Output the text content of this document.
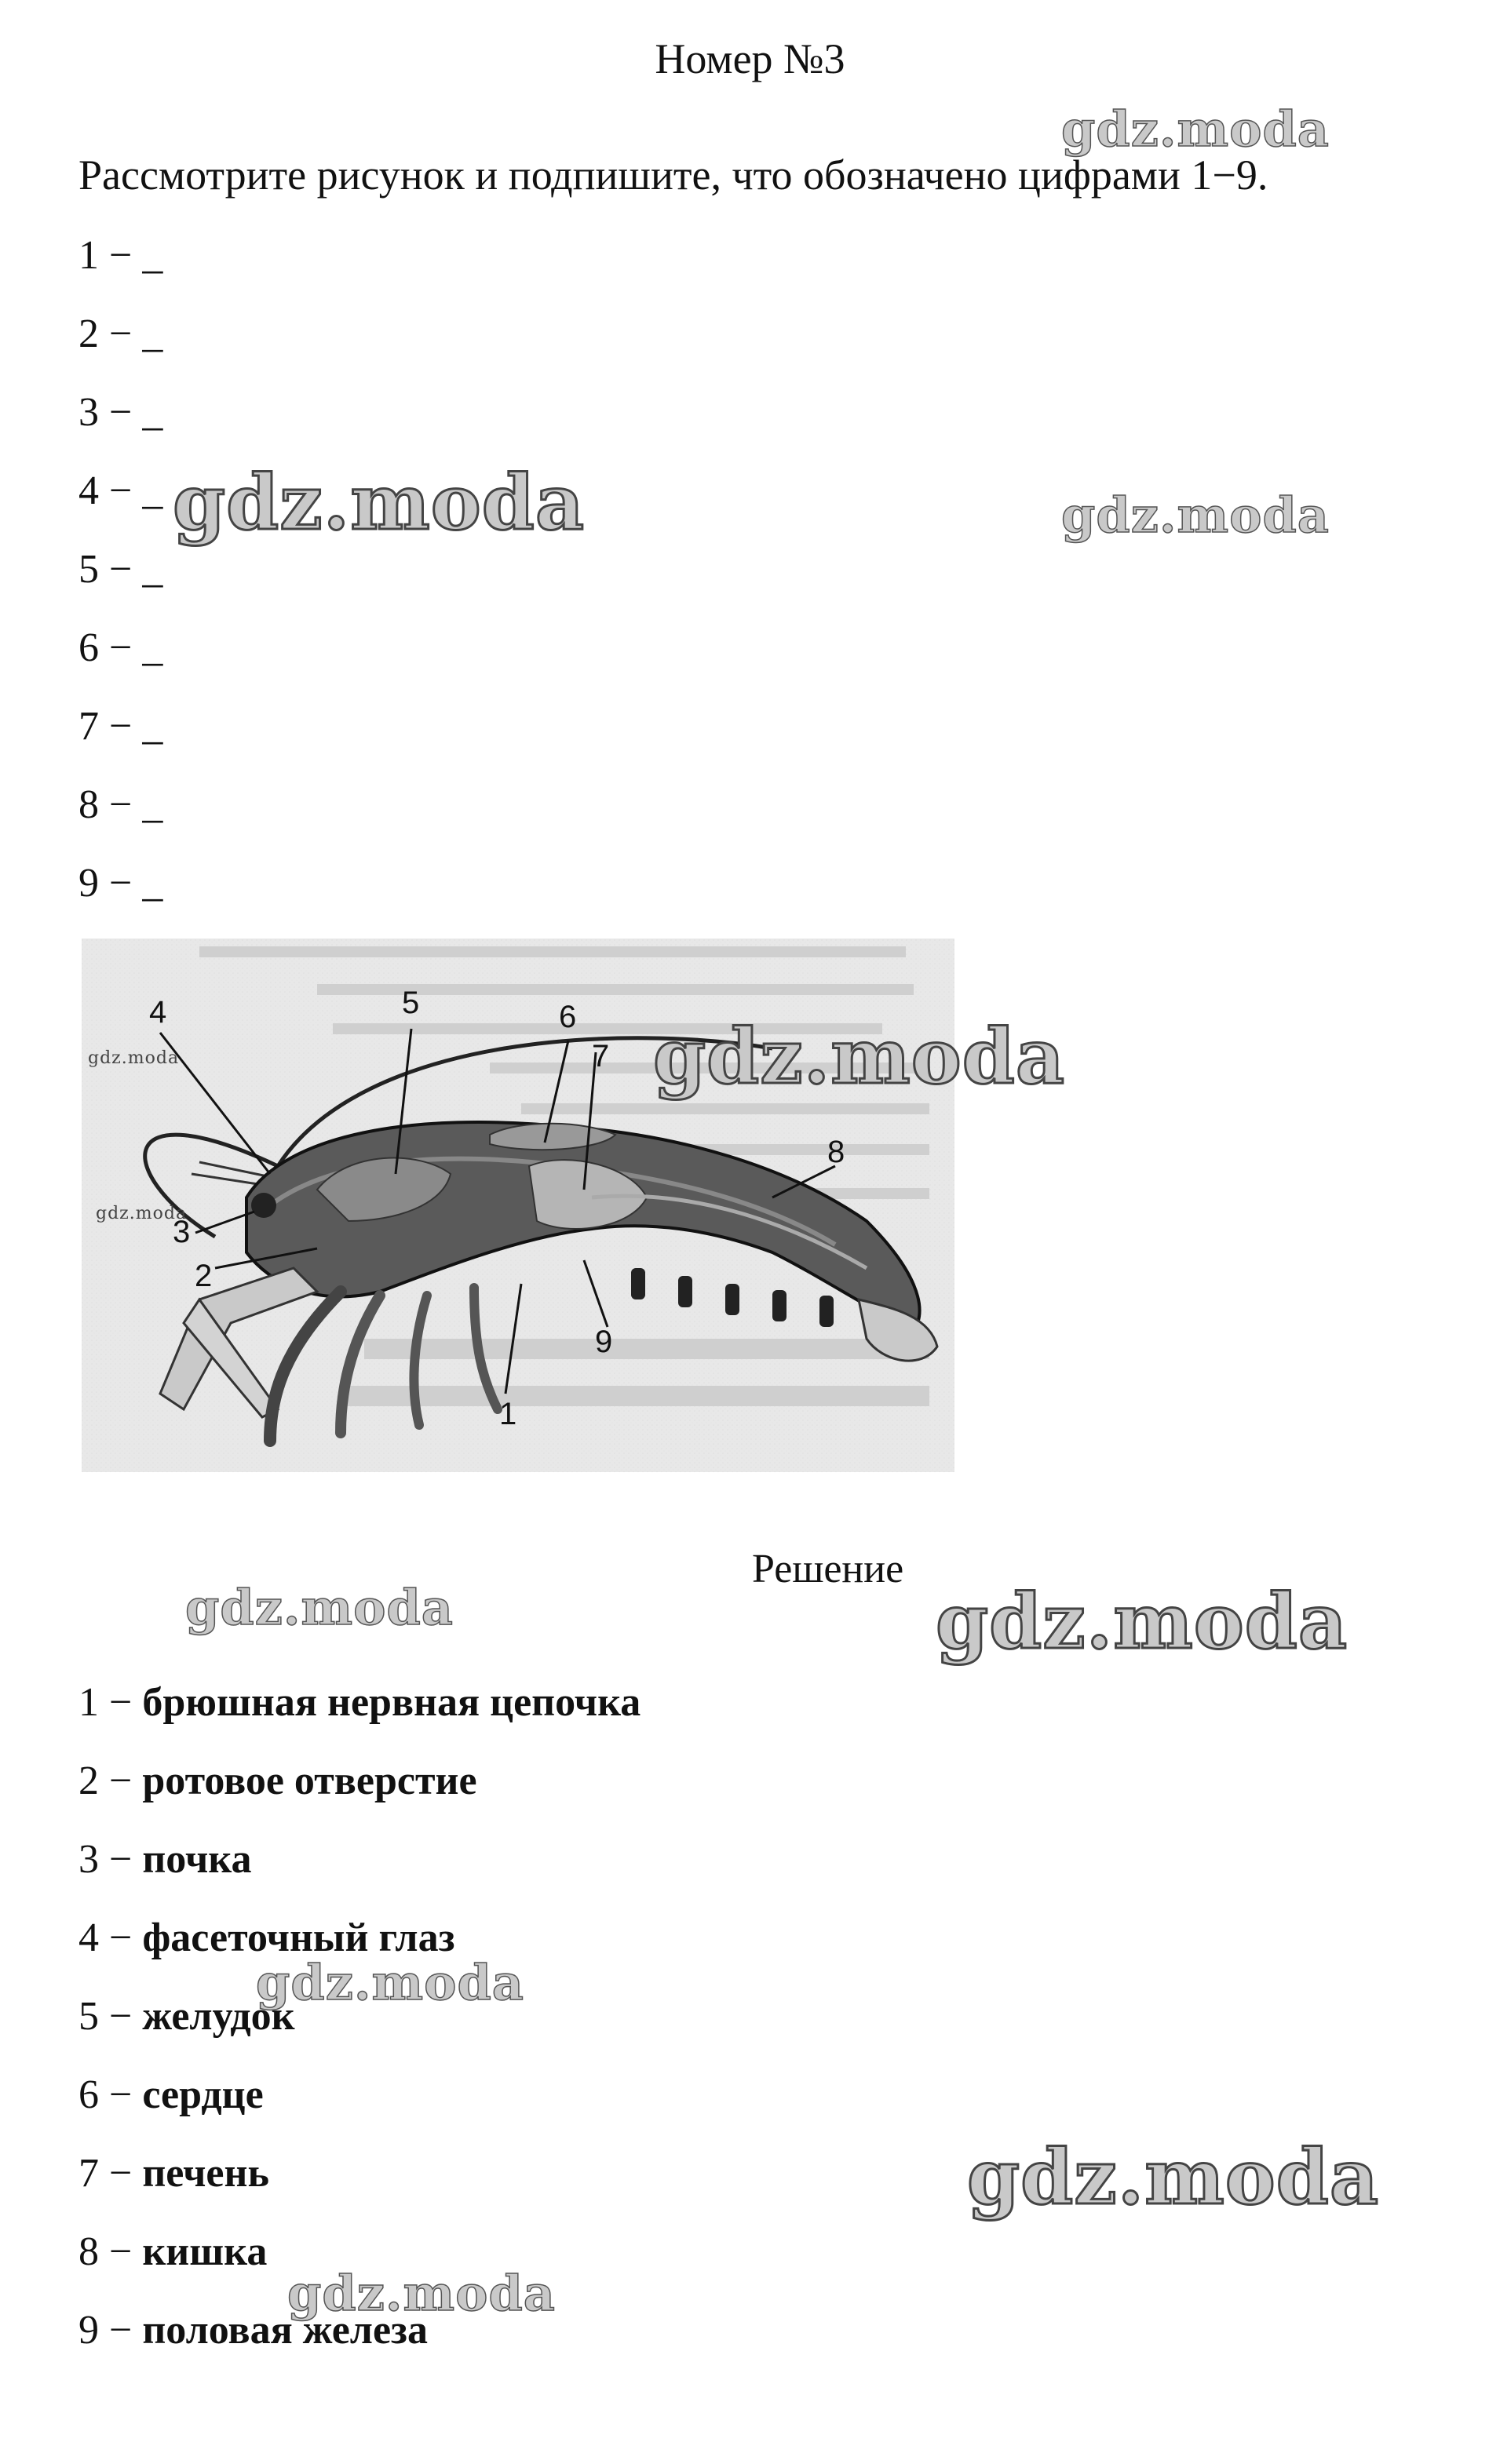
Номер №3
gdz.moda
Рассмотрите рисунок и подпишите, что обозначено цифрами 1−9.
1 − _
2 − _
3 − _
4 − _
5 − _
6 − _
7 − _
8 − _
9 − _
gdz.moda	gdz.moda
4	5	6
7
8
3
2
9
1
gdz.moda
gdz.moda
gdz.moda
Решение
gdz.moda	gdz.moda
1 − брюшная нервная цепочка
2 − ротовое отверстие
3 − почка
4 − фасеточный глаз
gdz.moda
5 − желудок
6 − сердце
7 − печень	gdz.moda
8 − кишка
gdz.moda
9 − половая железа
